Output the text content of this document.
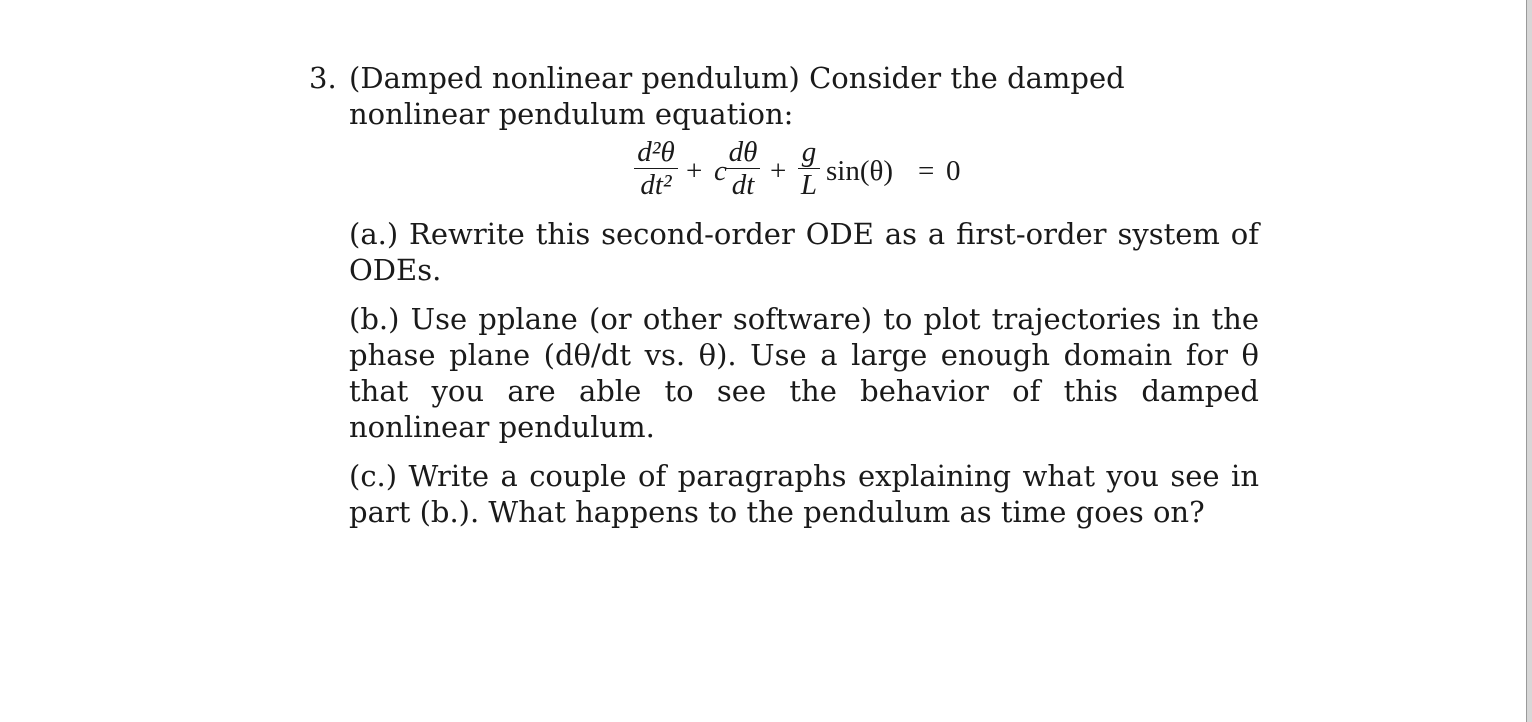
3. (Damped nonlinear pendulum) Consider the damped nonlinear pendulum equation:
$\frac{\text{d²θ}}{\text{dt²}} + c \frac{d\theta}{dt} + \frac{g}{L} \sin(\theta) = 0$
(a.) Rewrite this second-order ODE as a first-order system of ODEs.
(b.) Use pplane (or other software) to plot trajectories in the phase plane (dθ/dt vs. θ). Use a large enough domain for θ that you are able to see the behavior of this damped nonlinear pendulum.
(c.) Write a couple of paragraphs explaining what you see in part (b.). What happens to the pendulum as time goes on?
